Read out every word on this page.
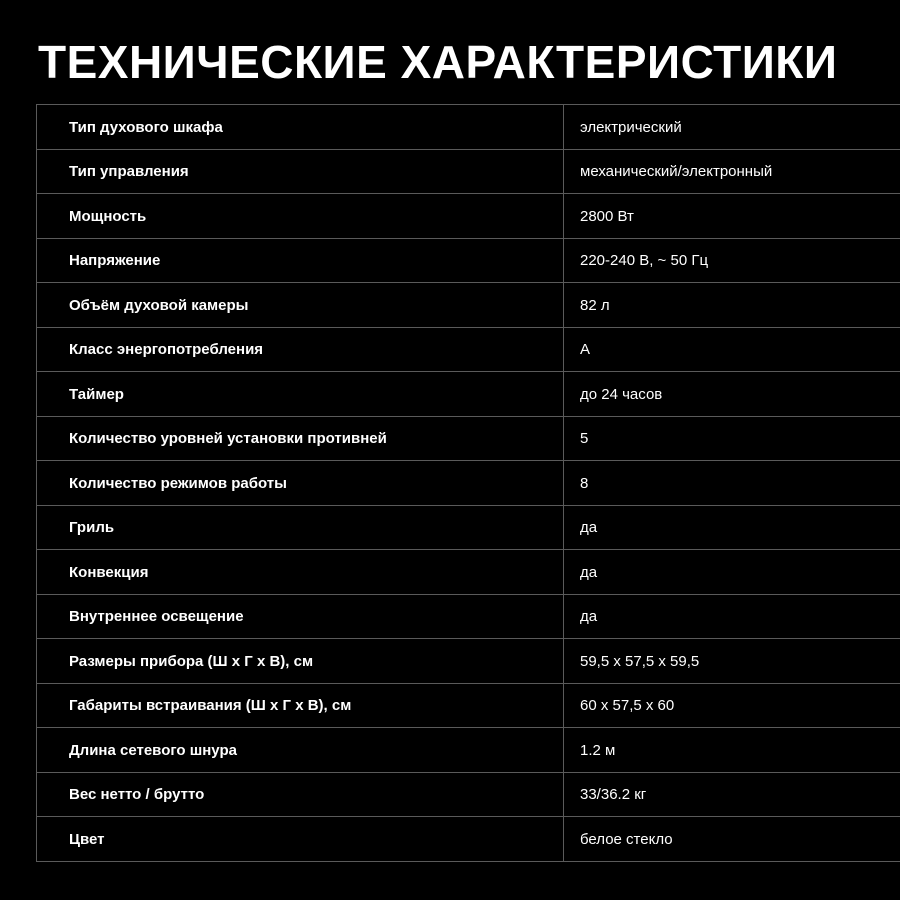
ТЕХНИЧЕСКИЕ ХАРАКТЕРИСТИКИ
Тип духового шкафа	электрический
Тип управления	механический/электронный
Мощность	2800 Вт
Напряжение	220-240 В, ~ 50 Гц
Объём духовой камеры	82 л
Класс энергопотребления	A
Таймер	до 24 часов
Количество уровней установки противней	5
Количество режимов работы	8
Гриль	да
Конвекция	да
Внутреннее освещение	да
Размеры прибора (Ш x Г x В), см	59,5 x 57,5 x 59,5
Габариты встраивания (Ш x Г x В), см	60 x 57,5 x 60
Длина сетевого шнура	1.2 м
Вес нетто / брутто	33/36.2 кг
Цвет	белое стекло
